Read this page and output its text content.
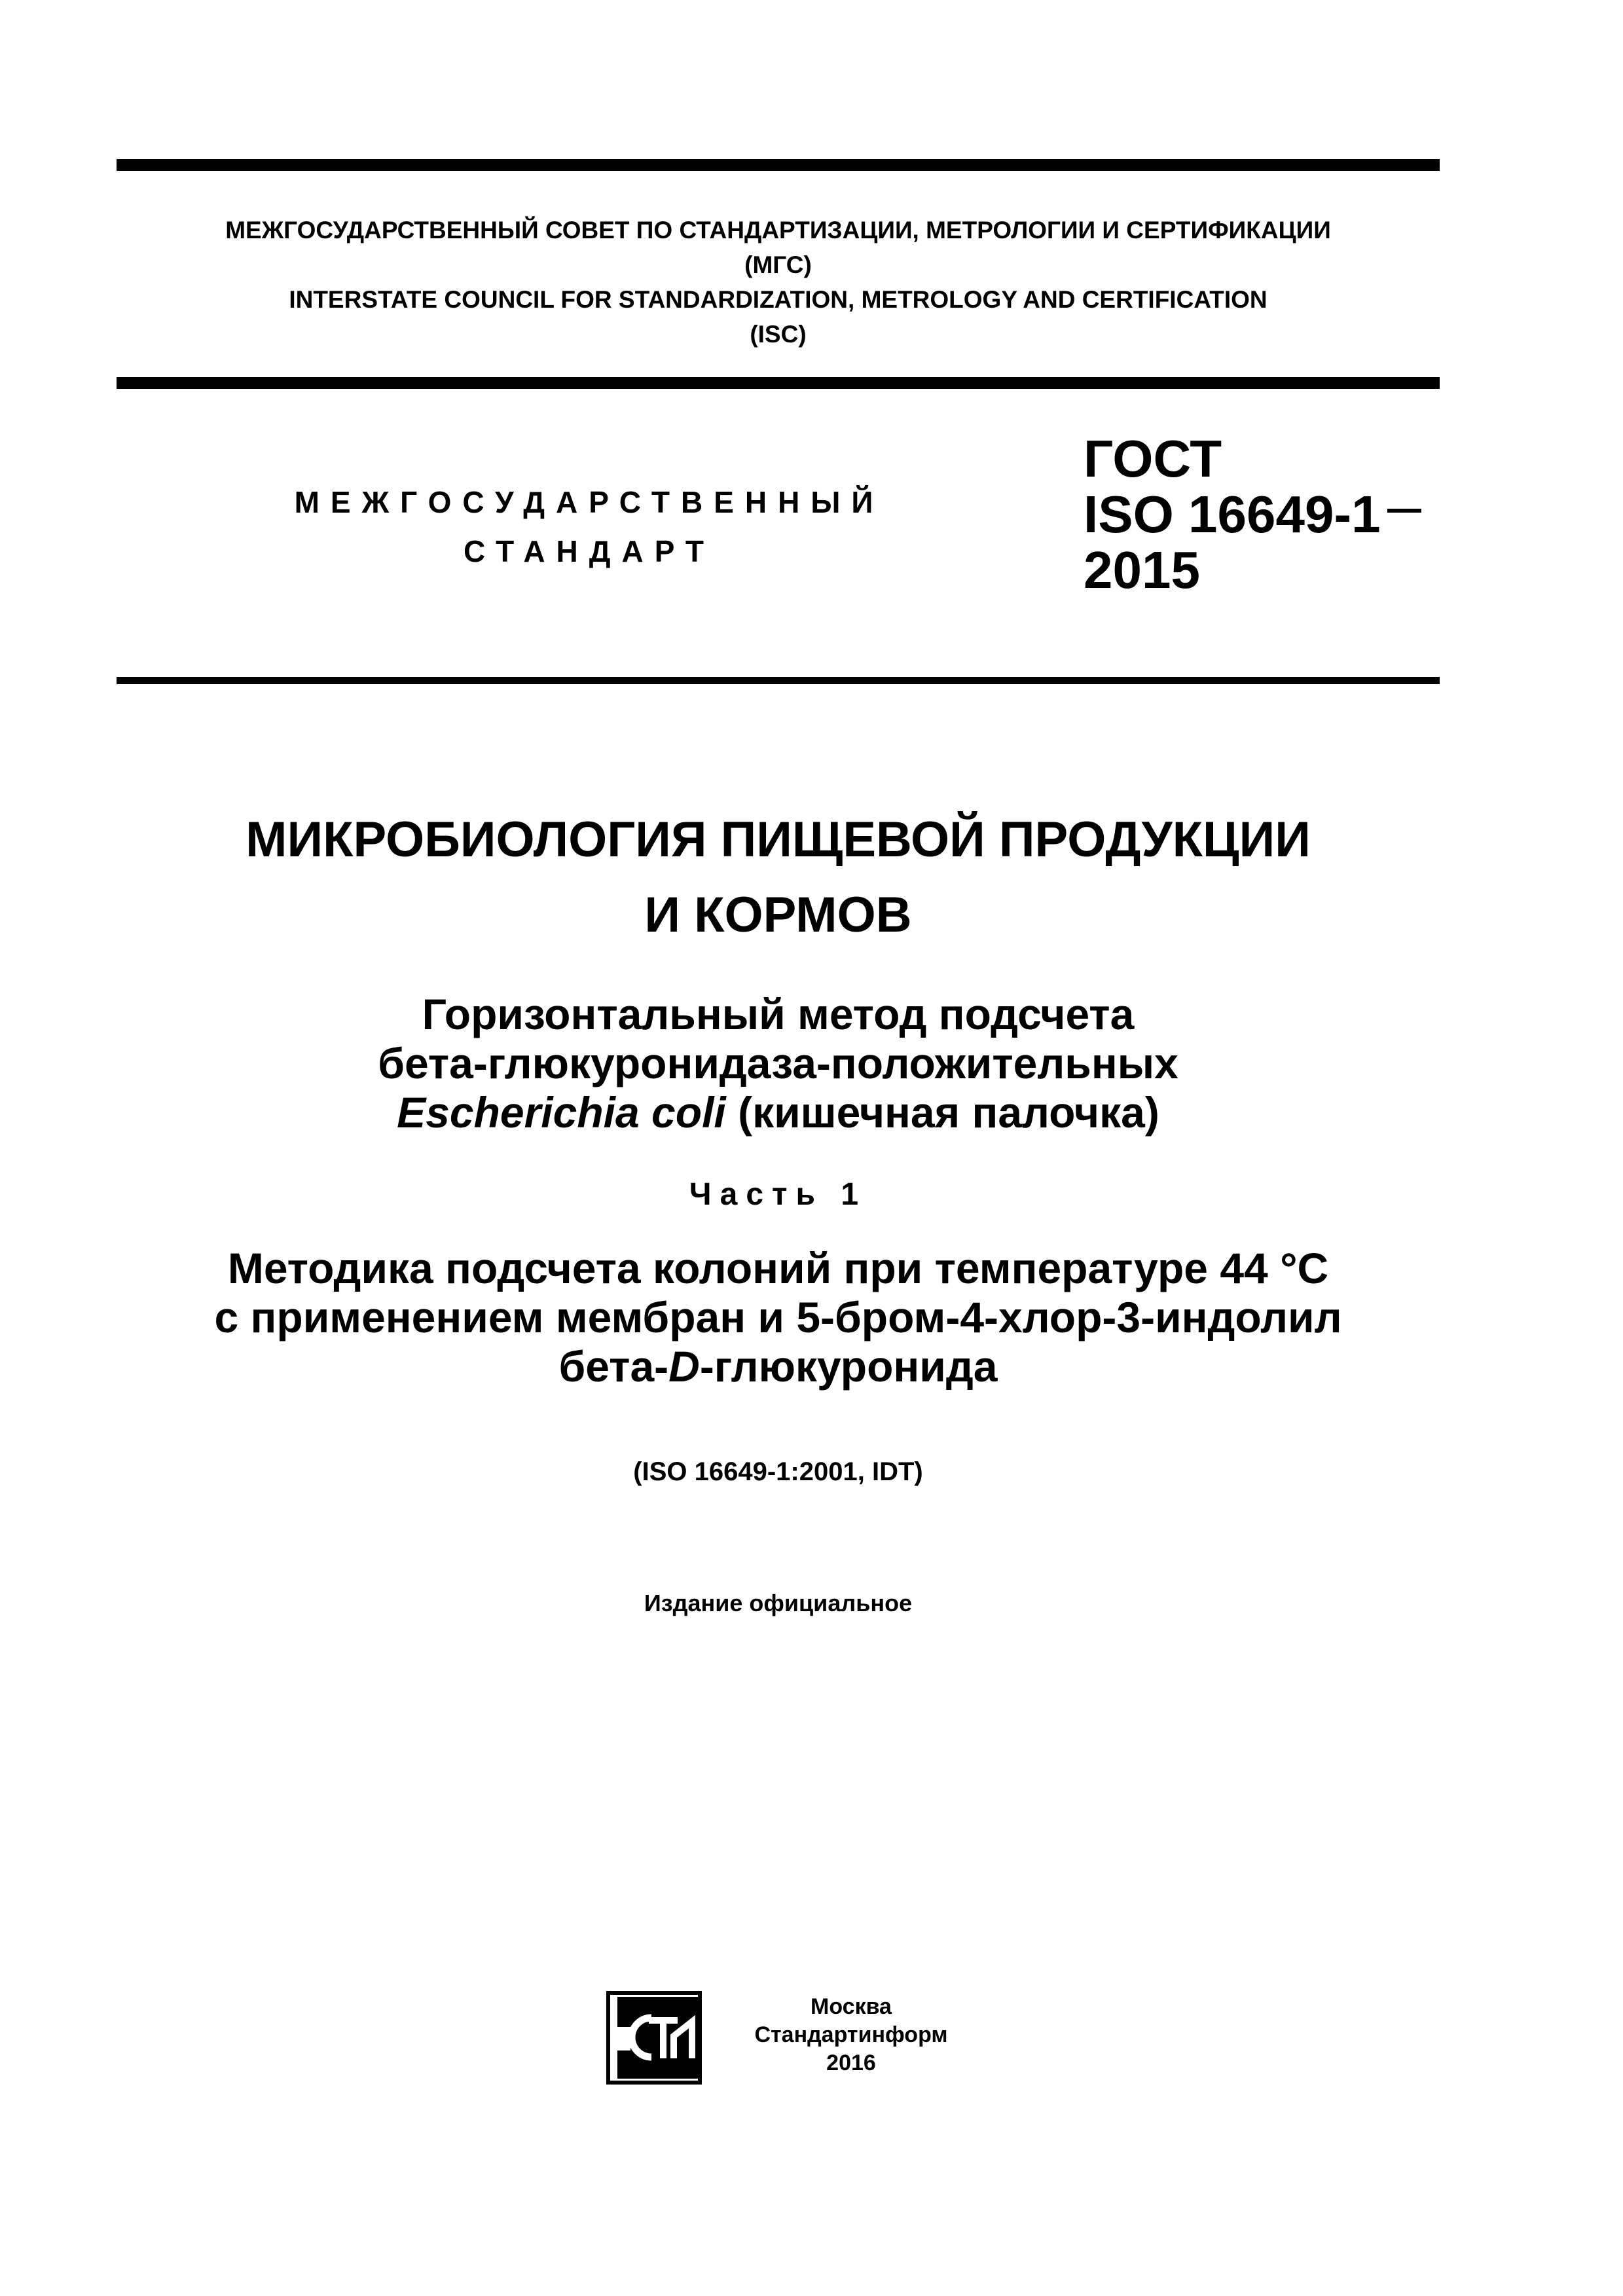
МЕЖГОСУДАРСТВЕННЫЙ СОВЕТ ПО СТАНДАРТИЗАЦИИ, МЕТРОЛОГИИ И СЕРТИФИКАЦИИ
(МГС)
INTERSTATE COUNCIL FOR STANDARDIZATION, METROLOGY AND CERTIFICATION
(ISC)
МЕЖГОСУДАРСТВЕННЫЙ
СТАНДАРТ
ГОСТ
ISO 16649-1
2015
МИКРОБИОЛОГИЯ ПИЩЕВОЙ ПРОДУКЦИИ
И КОРМОВ
Горизонтальный метод подсчета
бета-глюкуронидаза-положительных
Escherichia coli (кишечная палочка)
Часть 1
Методика подсчета колоний при температуре 44 °С
с применением мембран и 5-бром-4-хлор-3-индолил
бета-D-глюкуронида
(ISO 16649-1:2001, IDT)
Издание официальное
Москва
Стандартинформ
2016
